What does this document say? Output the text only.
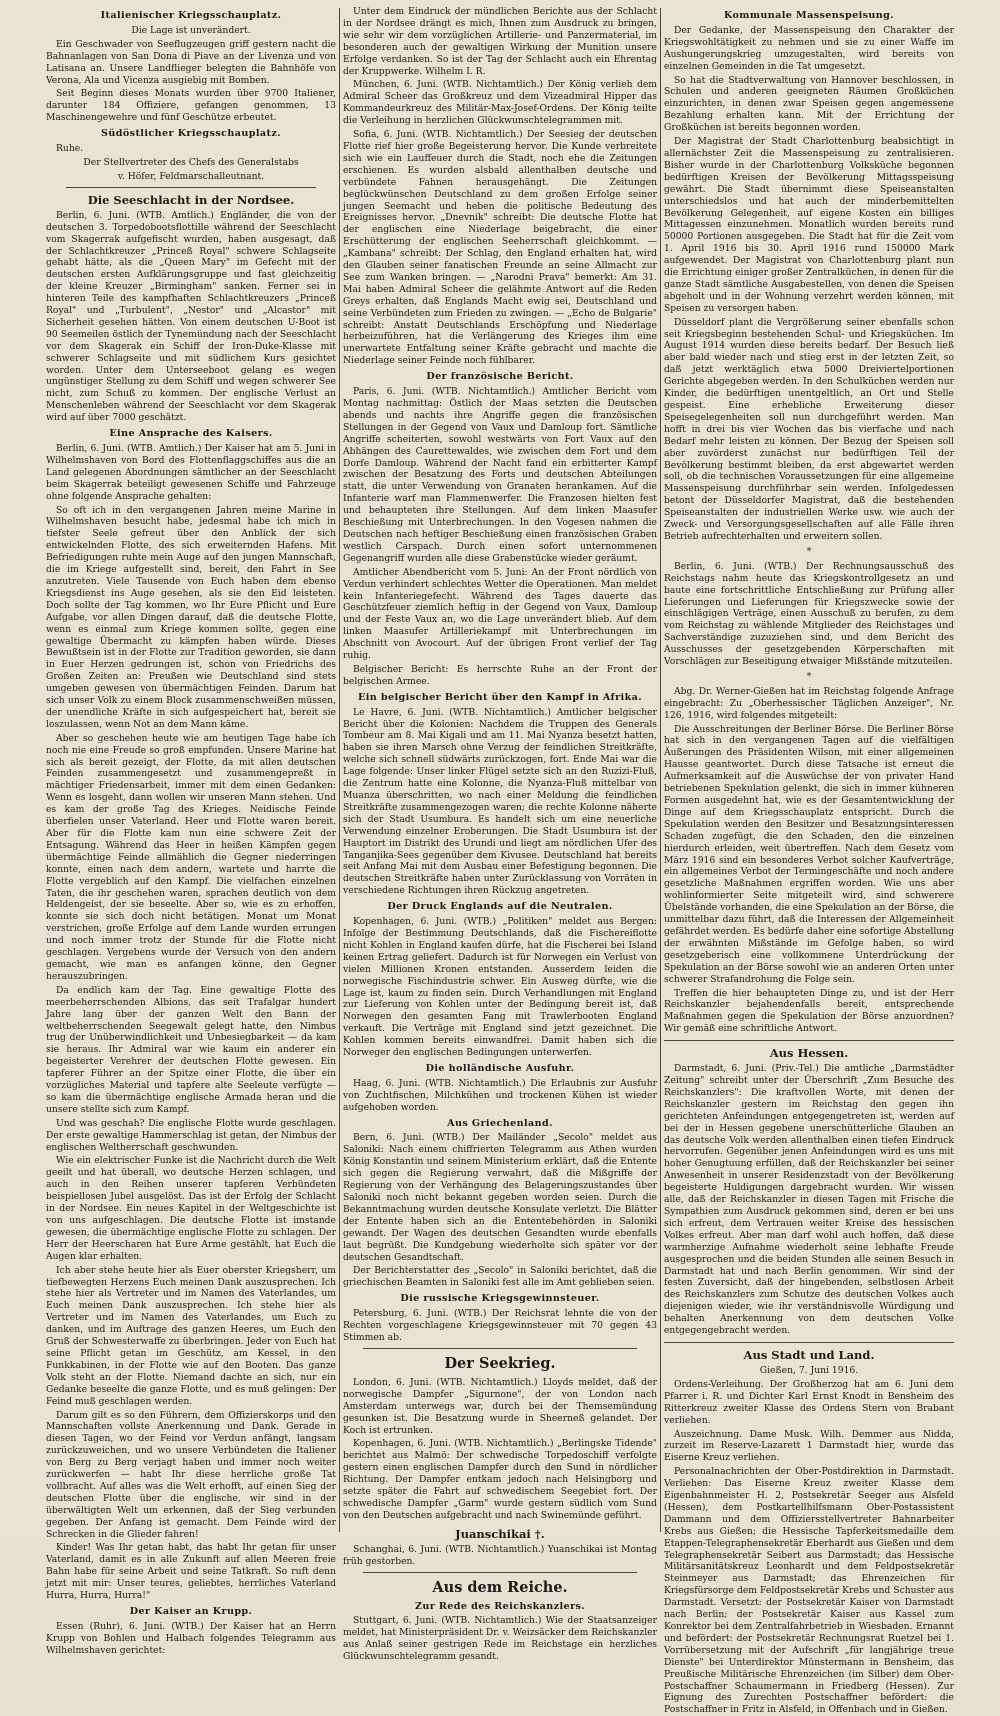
Italienischer Kriegsschauplatz.

Die Lage ist unverändert.

Ein Geschwader von Seeflugzeugen griff gestern nacht die Bahnanlagen von San Dona di Piave an der Livenza und von Latisana an. Unsere Landflieger belegten die Bahnhöfe von Verona, Ala und Vicenza ausgiebig mit Bomben.

Seit Beginn dieses Monats wurden über 9700 Italiener, darunter 184 Offiziere, gefangen genommen, 13 Maschinengewehre und fünf Geschütze erbeutet.

Südöstlicher Kriegsschauplatz.

Ruhe.

Der Stellvertreter des Chefs des Generalstabs

v. Höfer, Feldmarschalleutnant.

Die Seeschlacht in der Nordsee.

Berlin, 6. Juni. (WTB. Amtlich.) Engländer, die von der deutschen 3. Torpedobootsflottille während der Seeschlacht vom Skagerrak aufgefischt wurden, haben ausgesagt, daß der Schlachtkreuzer „Princeß Royal" schwere Schlagseite gehabt hätte, als die „Queen Mary" im Gefecht mit der deutschen ersten Aufklärungsgruppe und fast gleichzeitig der kleine Kreuzer „Birmingham" sanken. Ferner sei in hinteren Teile des kampfhaften Schlachtkreuzers „Princeß Royal" und „Turbulent", „Nestor" und „Alcastor" mit Sicherheit gesehen hätten. Von einem deutschen U-Boot ist 90 Seemeilen östlich der Tynemündung nach der Seeschlacht vor dem Skagerak ein Schiff der Iron-Duke-Klasse mit schwerer Schlagseite und mit südlichem Kurs gesichtet worden. Unter dem Unterseeboot gelang es wegen ungünstiger Stellung zu dem Schiff und wegen schwerer See nicht, zum Schuß zu kommen. Der englische Verlust an Menschenleben während der Seeschlacht vor dem Skagerak wird auf über 7000 geschätzt.

Eine Ansprache des Kaisers.

Berlin, 6. Juni. (WTB. Amtlich.) Der Kaiser hat am 5. Juni in Wilhelmshaven von Bord des Flottenflaggschiffes aus die an Land gelegenen Abordnungen sämtlicher an der Seeschlacht beim Skagerrak beteiligt gewesenen Schiffe und Fahrzeuge ohne folgende Ansprache gehalten:

So oft ich in den vergangenen Jahren meine Marine in Wilhelmshaven besucht habe, jedesmal habe ich mich in tiefster Seele gefreut über den Anblick der sich entwickelnden Flotte, des sich erweiternden Hafens. Mit Befriedigungen ruhte mein Auge auf den jungen Mannschaft, die im Kriege aufgestellt sind, bereit, den Fahrt in See anzutreten. Viele Tausende von Euch haben dem ebenso Kriegsdienst ins Auge gesehen, als sie den Eid leisteten. Doch sollte der Tag kommen, wo Ihr Eure Pflicht und Eure Aufgabe, vor allen Dingen darauf, daß die deutsche Flotte, wenn es einmal zum Kriege kommen sollte, gegen eine gewaltige Übermacht zu kämpfen haben würde. Dieses Bewußtsein ist in der Flotte zur Tradition geworden, sie dann in Euer Herzen gedrungen ist, schon von Friedrichs des Großen Zeiten an: Preußen wie Deutschland sind stets umgeben gewesen von übermächtigen Feinden. Darum hat sich unser Volk zu einem Block zusammenschweißen müssen, der unendliche Kräfte in sich aufgespeichert hat, bereit sie loszulassen, wenn Not an dem Mann käme.

Aber so geschehen heute wie am heutigen Tage habe ich noch nie eine Freude so groß empfunden. Unsere Marine hat sich als bereit gezeigt, der Flotte, da mit allen deutschen Feinden zusammengesetzt und zusammengepreßt in mächtiger Friedensarbeit, immer mit dem einen Gedanken: Wenn es losgeht, dann wollen wir unseren Mann stehen. Und es kam der große Tag des Krieges. Neidische Feinde überfielen unser Vaterland. Heer und Flotte waren bereit. Aber für die Flotte kam nun eine schwere Zeit der Entsagung. Während das Heer in heißen Kämpfen gegen übermächtige Feinde allmählich die Gegner niederringen konnte, einen nach dem andern, wartete und harrte die Flotte vergeblich auf den Kampf. Die vielfachen einzelnen Taten, die ihr geschehen waren, sprachen deutlich von dem Heldengeist, der sie beseelte. Aber so, wie es zu erhoffen, konnte sie sich doch nicht betätigen. Monat um Monat verstrichen, große Erfolge auf dem Lande wurden errungen und noch immer trotz der Stunde für die Flotte nicht geschlagen. Vergebens wurde der Versuch von den andern gemacht, wie man es anfangen könne, den Gegner herauszubringen.

Da endlich kam der Tag. Eine gewaltige Flotte des meerbeherrschenden Albions, das seit Trafalgar hundert Jahre lang über der ganzen Welt den Bann der weltbeherrschenden Seegewalt gelegt hatte, den Nimbus trug der Unüberwindlichkeit und Unbesiegbarkeit — da kam sie heraus. Ihr Admiral war wie kaum ein anderer ein begeisterter Verehrer der deutschen Flotte gewesen. Ein tapferer Führer an der Spitze einer Flotte, die über ein vorzügliches Material und tapfere alte Seeleute verfügte — so kam die übermächtige englische Armada heran und die unsere stellte sich zum Kampf.

Und was geschah? Die englische Flotte wurde geschlagen. Der erste gewaltige Hammerschlag ist getan, der Nimbus der englischen Weltherrschaft geschwunden.

Wie ein elektrischer Funke ist die Nachricht durch die Welt geeilt und hat überall, wo deutsche Herzen schlagen, und auch in den Reihen unserer tapferen Verbündeten beispiellosen Jubel ausgelöst. Das ist der Erfolg der Schlacht in der Nordsee. Ein neues Kapitel in der Weltgeschichte ist von uns aufgeschlagen. Die deutsche Flotte ist imstande gewesen, die übermächtige englische Flotte zu schlagen. Der Herr der Heerscharen hat Eure Arme gestählt, hat Euch die Augen klar erhalten.

Ich aber stehe heute hier als Euer oberster Kriegsherr, um tiefbewegten Herzens Euch meinen Dank auszusprechen. Ich stehe hier als Vertreter und im Namen des Vaterlandes, um Euch meinen Dank auszusprechen. Ich stehe hier als Vertreter und im Namen des Vaterlandes, um Euch zu danken, und im Auftrage des ganzen Heeres, um Euch den Gruß der Schwesterwaffe zu überbringen. Jeder von Euch hat seine Pflicht getan im Geschütz, am Kessel, in den Funkkabinen, in der Flotte wie auf den Booten. Das ganze Volk steht an der Flotte. Niemand dachte an sich, nur ein Gedanke beseelte die ganze Flotte, und es muß gelingen: Der Feind muß geschlagen werden.

Darum gilt es so den Führern, dem Offizierskorps und den Mannschaften vollste Anerkennung und Dank. Gerade in diesen Tagen, wo der Feind vor Verdun anfängt, langsam zurückzuweichen, und wo unsere Verbündeten die Italiener von Berg zu Berg verjagt haben und immer noch weiter zurückwerfen — habt Ihr diese herrliche große Tat vollbracht. Auf alles was die Welt erhofft, auf einen Sieg der deutschen Flotte über die englische, wir sind in der überwältigten Welt um erkennen, daß der Sieg verbunden gegeben. Der Anfang ist gemacht. Dem Feinde wird der Schrecken in die Glieder fahren!

Kinder! Was Ihr getan habt, das habt Ihr getan für unser Vaterland, damit es in alle Zukunft auf allen Meeren freie Bahn habe für seine Arbeit und seine Tatkraft. So ruft denn jetzt mit mir: Unser teures, geliebtes, herrliches Vaterland Hurra, Hurra, Hurra!"

Der Kaiser an Krupp.

Essen (Ruhr), 6. Juni. (WTB.) Der Kaiser hat an Herrn Krupp von Bohlen und Halbach folgendes Telegramm aus Wilhelmshaven gerichtet:

Unter dem Eindruck der mündlichen Berichte aus der Schlacht in der Nordsee drängt es mich, Ihnen zum Ausdruck zu bringen, wie sehr wir dem vorzüglichen Artillerie- und Panzermaterial, im besonderen auch der gewaltigen Wirkung der Munition unsere Erfolge verdanken. So ist der Tag der Schlacht auch ein Ehrentag der Kruppwerke. Wilhelm I. R.

München, 6. Juni. (WTB. Nichtamtlich.) Der König verlieh dem Admiral Scheer das Großkreuz und dem Vizeadmiral Hipper das Kommandeurkreuz des Militär-Max-Josef-Ordens. Der König teilte die Verleihung in herzlichen Glückwunschtelegrammen mit.

Sofia, 6. Juni. (WTB. Nichtamtlich.) Der Seesieg der deutschen Flotte rief hier große Begeisterung hervor. Die Kunde verbreitete sich wie ein Lauffeuer durch die Stadt, noch ehe die Zeitungen erschienen. Es wurden alsbald allenthalben deutsche und verbündete Fahnen herausgehängt. Die Zeitungen beglückwünschen Deutschland zu dem großen Erfolge seiner jungen Seemacht und heben die politische Bedeutung des Ereignisses hervor. „Dnevnik" schreibt: Die deutsche Flotte hat der englischen eine Niederlage beigebracht, die einer Erschütterung der englischen Seeherrschaft gleichkommt. — „Kambana" schreibt: Der Schlag, den England erhalten hat, wird den Glauben seiner fanatischen Freunde an seine Allmacht zur See zum Wanken bringen. — „Narodni Prava" bemerkt: Am 31. Mai haben Admiral Scheer die gelähmte Antwort auf die Reden Greys erhalten, daß Englands Macht ewig sei, Deutschland und seine Verbündeten zum Frieden zu zwingen. — „Echo de Bulgarie" schreibt: Anstatt Deutschlands Erschöpfung und Niederlage herbeizuführen, hat die Verlängerung des Krieges ihm eine unerwartete Entfaltung seiner Kräfte gebracht und machte die Niederlage seiner Feinde noch fühlbarer.

Der französische Bericht.

Paris, 6. Juni. (WTB. Nichtamtlich.) Amtlicher Bericht vom Montag nachmittag: Östlich der Maas setzten die Deutschen abends und nachts ihre Angriffe gegen die französischen Stellungen in der Gegend von Vaux und Damloup fort. Sämtliche Angriffe scheiterten, sowohl westwärts von Fort Vaux auf den Abhängen des Caurettewaldes, wie zwischen dem Fort und dem Dorfe Damloup. Während der Nacht fand ein erbitterter Kampf zwischen der Besatzung des Forts und deutschen Abteilungen statt, die unter Verwendung von Granaten herankamen. Auf die Infanterie warf man Flammenwerfer. Die Franzosen hielten fest und behaupteten ihre Stellungen. Auf dem linken Maasufer Beschießung mit Unterbrechungen. In den Vogesen nahmen die Deutschen nach heftiger Beschießung einen französischen Graben westlich Carspach. Durch einen sofort unternommenen Gegenangriff wurden alle diese Grabenstücke wieder geräumt.

Amtlicher Abendbericht vom 5. Juni: An der Front nördlich von Verdun verhindert schlechtes Wetter die Operationen. Man meldet kein Infanteriegefecht. Während des Tages dauerte das Geschützfeuer ziemlich heftig in der Gegend von Vaux, Damloup und der Feste Vaux an, wo die Lage unverändert blieb. Auf dem linken Maasufer Artilleriekampf mit Unterbrechungen im Abschnitt von Avocourt. Auf der übrigen Front verlief der Tag ruhig.

Belgischer Bericht: Es herrschte Ruhe an der Front der belgischen Armee.

Ein belgischer Bericht über den Kampf in Afrika.

Le Havre, 6. Juni. (WTB. Nichtamtlich.) Amtlicher belgischer Bericht über die Kolonien: Nachdem die Truppen des Generals Tombeur am 8. Mai Kigali und am 11. Mai Nyanza besetzt hatten, haben sie ihren Marsch ohne Verzug der feindlichen Streitkräfte, welche sich schnell südwärts zurückzogen, fort. Ende Mai war die Lage folgende: Unser linker Flügel setzte sich an den Ruzizi-Fluß, die Zentrum hatte eine Kolonne, die Nyanza-Fluß mittelbar von Muanza überschritten, wo nach einer Meldung die feindlichen Streitkräfte zusammengezogen waren; die rechte Kolonne näherte sich der Stadt Usumbura. Es handelt sich um eine neuerliche Verwendung einzelner Eroberungen. Die Stadt Usumbura ist der Hauptort im Distrikt des Urundi und liegt am nördlichen Ufer des Tanganjika-Sees gegenüber dem Kivusee. Deutschland hat bereits seit Anfang Mai mit dem Ausbau einer Befestigung begonnen. Die deutschen Streitkräfte haben unter Zurücklassung von Vorräten in verschiedene Richtungen ihren Rückzug angetreten.

Der Druck Englands auf die Neutralen.

Kopenhagen, 6. Juni. (WTB.) „Politiken" meldet aus Bergen: Infolge der Bestimmung Deutschlands, daß die Fischereiflotte nicht Kohlen in England kaufen dürfe, hat die Fischerei bei Island keinen Ertrag geliefert. Dadurch ist für Norwegen ein Verlust von vielen Millionen Kronen entstanden. Ausserdem leiden die norwegische Fischindustrie schwer. Ein Ausweg dürfte, wie die Lage ist, kaum zu finden sein. Durch Verhandlungen mit England zur Lieferung von Kohlen unter der Bedingung bereit ist, daß Norwegen den gesamten Fang mit Trawlerbooten England verkauft. Die Verträge mit England sind jetzt gezeichnet. Die Kohlen kommen bereits einwandfrei. Damit haben sich die Norweger den englischen Bedingungen unterwerfen.

Die holländische Ausfuhr.

Haag, 6. Juni. (WTB. Nichtamtlich.) Die Erlaubnis zur Ausfuhr von Zuchtfischen, Milchkühen und trockenen Kühen ist wieder aufgehoben worden.

Aus Griechenland.

Bern, 6. Juni. (WTB.) Der Mailänder „Secolo" meldet aus Saloniki: Nach einem chiffrierten Telegramm aus Athen wurden König Konstantin und seinem Ministerium erklärt, daß die Entente sich gegen die Regierung verwahrt, daß die Mißgriffe der Regierung von der Verhängung des Belagerungszustandes über Saloniki noch nicht bekannt gegeben worden seien. Durch die Bekanntmachung wurden deutsche Konsulate verletzt. Die Blätter der Entente haben sich an die Ententebehörden in Saloniki gewandt. Der Wagen des deutschen Gesandten wurde ebenfalls laut begrüßt. Die Kundgebung wiederholte sich später vor der deutschen Gesandtschaft.

Der Berichterstatter des „Secolo" in Saloniki berichtet, daß die griechischen Beamten in Saloniki fest alle im Amt geblieben seien.

Die russische Kriegsgewinnsteuer.

Petersburg, 6. Juni. (WTB.) Der Reichsrat lehnte die von der Rechten vorgeschlagene Kriegsgewinnsteuer mit 70 gegen 43 Stimmen ab.

Der Seekrieg.

London, 6. Juni. (WTB. Nichtamtlich.) Lloyds meldet, daß der norwegische Dampfer „Sigurnone", der von London nach Amsterdam unterwegs war, durch bei der Themsemündung gesunken ist. Die Besatzung wurde in Sheerneß gelandet. Der Koch ist ertrunken.

Kopenhagen, 6. Juni. (WTB. Nichtamtlich.) „Berlingske Tidende" berichtet aus Malmö: Der schwedische Torpedoschiff verfolgte gestern einen englischen Dampfer durch den Sund in nördlicher Richtung. Der Dampfer entkam jedoch nach Helsingborg und setzte später die Fahrt auf schwedischem Seegebiet fort. Der schwedische Dampfer „Garm" wurde gestern südlich vom Sund von den Deutschen aufgebracht und nach Swinemünde geführt.

Juanschikai †.

Schanghai, 6. Juni. (WTB. Nichtamtlich.) Yuanschikai ist Montag früh gestorben.

Aus dem Reiche.

Zur Rede des Reichskanzlers.

Stuttgart, 6. Juni. (WTB. Nichtamtlich.) Wie der Staatsanzeiger meldet, hat Ministerpräsident Dr. v. Weizsäcker dem Reichskanzler aus Anlaß seiner gestrigen Rede im Reichstage ein herzliches Glückwunschtelegramm gesandt.

Kommunale Massenspeisung.

Der Gedanke, der Massenspeisung den Charakter der Kriegswohltätigkeit zu nehmen und sie zu einer Waffe im Aushungerungskrieg umzugestalten, wird bereits von einzelnen Gemeinden in die Tat umgesetzt.

So hat die Stadtverwaltung von Hannover beschlossen, in Schulen und anderen geeigneten Räumen Großküchen einzurichten, in denen zwar Speisen gegen angemessene Bezahlung erhalten kann. Mit der Errichtung der Großküchen ist bereits begonnen worden.

Der Magistrat der Stadt Charlottenburg beabsichtigt in allernächster Zeit die Massenspeisung zu zentralisieren. Bisher wurde in der Charlottenburg Volksküche begonnen bedürftigen Kreisen der Bevölkerung Mittagsspeisung gewährt. Die Stadt übernimmt diese Speiseanstalten unterschiedslos und hat auch der minderbemittelten Bevölkerung Gelegenheit, auf eigene Kosten ein billiges Mittagessen einzunehmen. Monatlich wurden bereits rund 50000 Portionen ausgegeben. Die Stadt hat für die Zeit vom 1. April 1916 bis 30. April 1916 rund 150000 Mark aufgewendet. Der Magistrat von Charlottenburg plant nun die Errichtung einiger großer Zentralküchen, in denen für die ganze Stadt sämtliche Ausgabestellen, von denen die Speisen abgeholt und in der Wohnung verzehrt werden können, mit Speisen zu versorgen haben.

Düsseldorf plant die Vergrößerung seiner ebenfalls schon seit Kriegsbeginn bestehenden Schul- und Kriegsküchen. Im August 1914 wurden diese bereits bedarf. Der Besuch ließ aber bald wieder nach und stieg erst in der letzten Zeit, so daß jetzt werktäglich etwa 5000 Dreiviertelportionen Gerichte abgegeben werden. In den Schulküchen werden nur Kinder, die bedürftigen unentgeltlich, an Ort und Stelle gespeist. Eine erhebliche Erweiterung dieser Speisegelegenheiten soll nun durchgeführt werden. Man hofft in drei bis vier Wochen das bis vierfache und nach Bedarf mehr leisten zu können. Der Bezug der Speisen soll aber zuvörderst zunächst nur bedürftigen Teil der Bevölkerung bestimmt bleiben, da erst abgewartet werden soll, ob die technischen Voraussetzungen für eine allgemeine Massenspeisung durchführbar sein werden. Infolgedessen betont der Düsseldorfer Magistrat, daß die bestehenden Speiseanstalten der industriellen Werke usw. wie auch der Zweck- und Versorgungsgesellschaften auf alle Fälle ihren Betrieb aufrechterhalten und erweitern sollen.

*

Berlin, 6. Juni. (WTB.) Der Rechnungsausschuß des Reichstags nahm heute das Kriegskontrollgesetz an und baute eine fortschrittliche Entschließung zur Prüfung aller Lieferungen und Lieferungen für Kriegszwecke sowie der einschlägigen Verträge, einen Ausschuß zu berufen, zu dem vom Reichstag zu wählende Mitglieder des Reichstages und Sachverständige zuzuziehen sind, und dem Bericht des Ausschusses der gesetzgebenden Körperschaften mit Vorschlägen zur Beseitigung etwaiger Mißstände mitzuteilen.

*

Abg. Dr. Werner-Gießen hat im Reichstag folgende Anfrage eingebracht: Zu „Oberhessischer Täglichen Anzeiger", Nr. 126, 1916, wird folgendes mitgeteilt:

Die Ausschreitungen der Berliner Börse. Die Berliner Börse hat sich in den vergangenen Tagen auf die vielfältigen Äußerungen des Präsidenten Wilson, mit einer allgemeinen Hausse geantwortet. Durch diese Tatsache ist erneut die Aufmerksamkeit auf die Auswüchse der von privater Hand betriebenen Spekulation gelenkt, die sich in immer kühneren Formen ausgedehnt hat, wie es der Gesamtentwicklung der Dinge auf dem Kriegsschauplatz entspricht. Durch die Spekulation werden den Besitzer und Besatzungsinteressen Schaden zugefügt, die den Schaden, den die einzelnen hierdurch erleiden, weit übertreffen. Nach dem Gesetz vom März 1916 sind ein besonderes Verbot solcher Kaufverträge, ein allgemeines Verbot der Termingeschäfte und noch andere gesetzliche Maßnahmen ergriffen worden. Wie uns aber wohlinformierter Seite mitgeteilt wird, sind schwerere Übelstände vorhanden, die eine Spekulation an der Börse, die unmittelbar dazu führt, daß die Interessen der Allgemeinheit gefährdet werden. Es bedürfe daher eine sofortige Abstellung der erwähnten Mißstände im Gefolge haben, so wird gesetzgeberisch eine vollkommene Unterdrückung der Spekulation an der Börse sowohl wie an anderen Orten unter schwerer Strafandrohung die Folge sein.

Treffen die hier behaupteten Dinge zu, und ist der Herr Reichskanzler bejahendenfalls bereit, entsprechende Maßnahmen gegen die Spekulation der Börse anzuordnen? Wir gemäß eine schriftliche Antwort.

Aus Hessen.

Darmstadt, 6. Juni. (Priv.-Tel.) Die amtliche „Darmstädter Zeitung" schreibt unter der Überschrift „Zum Besuche des Reichskanzlers": Die kraftvollen Worte, mit denen der Reichskanzler gestern im Reichstag den gegen ihn gerichteten Anfeindungen entgegengetreten ist, werden auf bei der in Hessen gegebene unerschütterliche Glauben an das deutsche Volk werden allenthalben einen tiefen Eindruck hervorrufen. Gegenüber jenen Anfeindungen wird es uns mit hoher Genugtuung erfüllen, daß der Reichskanzler bei seiner Anwesenheit in unserer Residenzstadt von der Bevölkerung begeisterte Huldigungen dargebracht wurden. Wir wissen alle, daß der Reichskanzler in diesen Tagen mit Frische die Sympathien zum Ausdruck gekommen sind, deren er bei uns sich erfreut, dem Vertrauen weiter Kreise des hessischen Volkes erfreut. Aber man darf wohl auch hoffen, daß diese warmherzige Aufnahme wiederholt seine lebhafte Freude ausgesprochen und die beiden Stunden alle seinen Besuch in Darmstadt hat und nach Berlin genommen. Wir sind der festen Zuversicht, daß der hingebenden, selbstlosen Arbeit des Reichskanzlers zum Schutze des deutschen Volkes auch diejenigen wieder, wie ihr verständnisvolle Würdigung und behalten Anerkennung von dem deutschen Volke entgegengebracht werden.

Aus Stadt und Land.

Gießen, 7. Juni 1916.

Ordens-Verleihung. Der Großherzog hat am 6. Juni dem Pfarrer i. R. und Dichter Karl Ernst Knodt in Bensheim des Ritterkreuz zweiter Klasse des Ordens Stern von Brabant verliehen.

Auszeichnung. Dame Musk. Wilh. Demmer aus Nidda, zurzeit im Reserve-Lazarett 1 Darmstadt hier, wurde das Eiserne Kreuz verliehen.

Personalnachrichten der Ober-Postdirektion in Darmstadt. Verliehen: Das Eiserne Kreuz zweiter Klasse dem Eigenbahnmeister H. 2, Postsekretär Seeger aus Alsfeld (Hessen), dem Postkartellhilfsmann Ober-Postassistent Dammann und dem Offiziersstellvertreter Bahnarbeiter Krebs aus Gießen; die Hessische Tapferkeitsmedaille dem Etappen-Telegraphensekretär Eberhardt aus Gießen und dem Telegraphensekretär Seibert aus Darmstadt; das Hessische Militärsanitätskreuz Leonhardt und dem Feldpostsekretär Steinmeyer aus Darmstadt; das Ehrenzeichen für Kriegsfürsorge dem Feldpostsekretär Krebs und Schuster aus Darmstadt. Versetzt: der Postsekretär Kaiser von Darmstadt nach Berlin; der Postsekretär Kaiser aus Kassel zum Konrektor bei dem Zentralfahrbetrieb in Wiesbaden. Ernannt und befördert: der Postsekretär Rechnungsrat Ruetzel bei 1. Vorrübersetzung mit der Aufschrift „für langjährige treue Dienste" bei Unterdirektor Münstermann in Bensheim, das Preußische Militärische Ehrenzeichen (im Silber) dem Ober-Postschaffner Schaumermann in Friedberg (Hessen). Zur Eignung des Zurechten Postschaffner befördert: die Postschaffner in Fritz in Alsfeld, in Offenbach und in Gießen.
